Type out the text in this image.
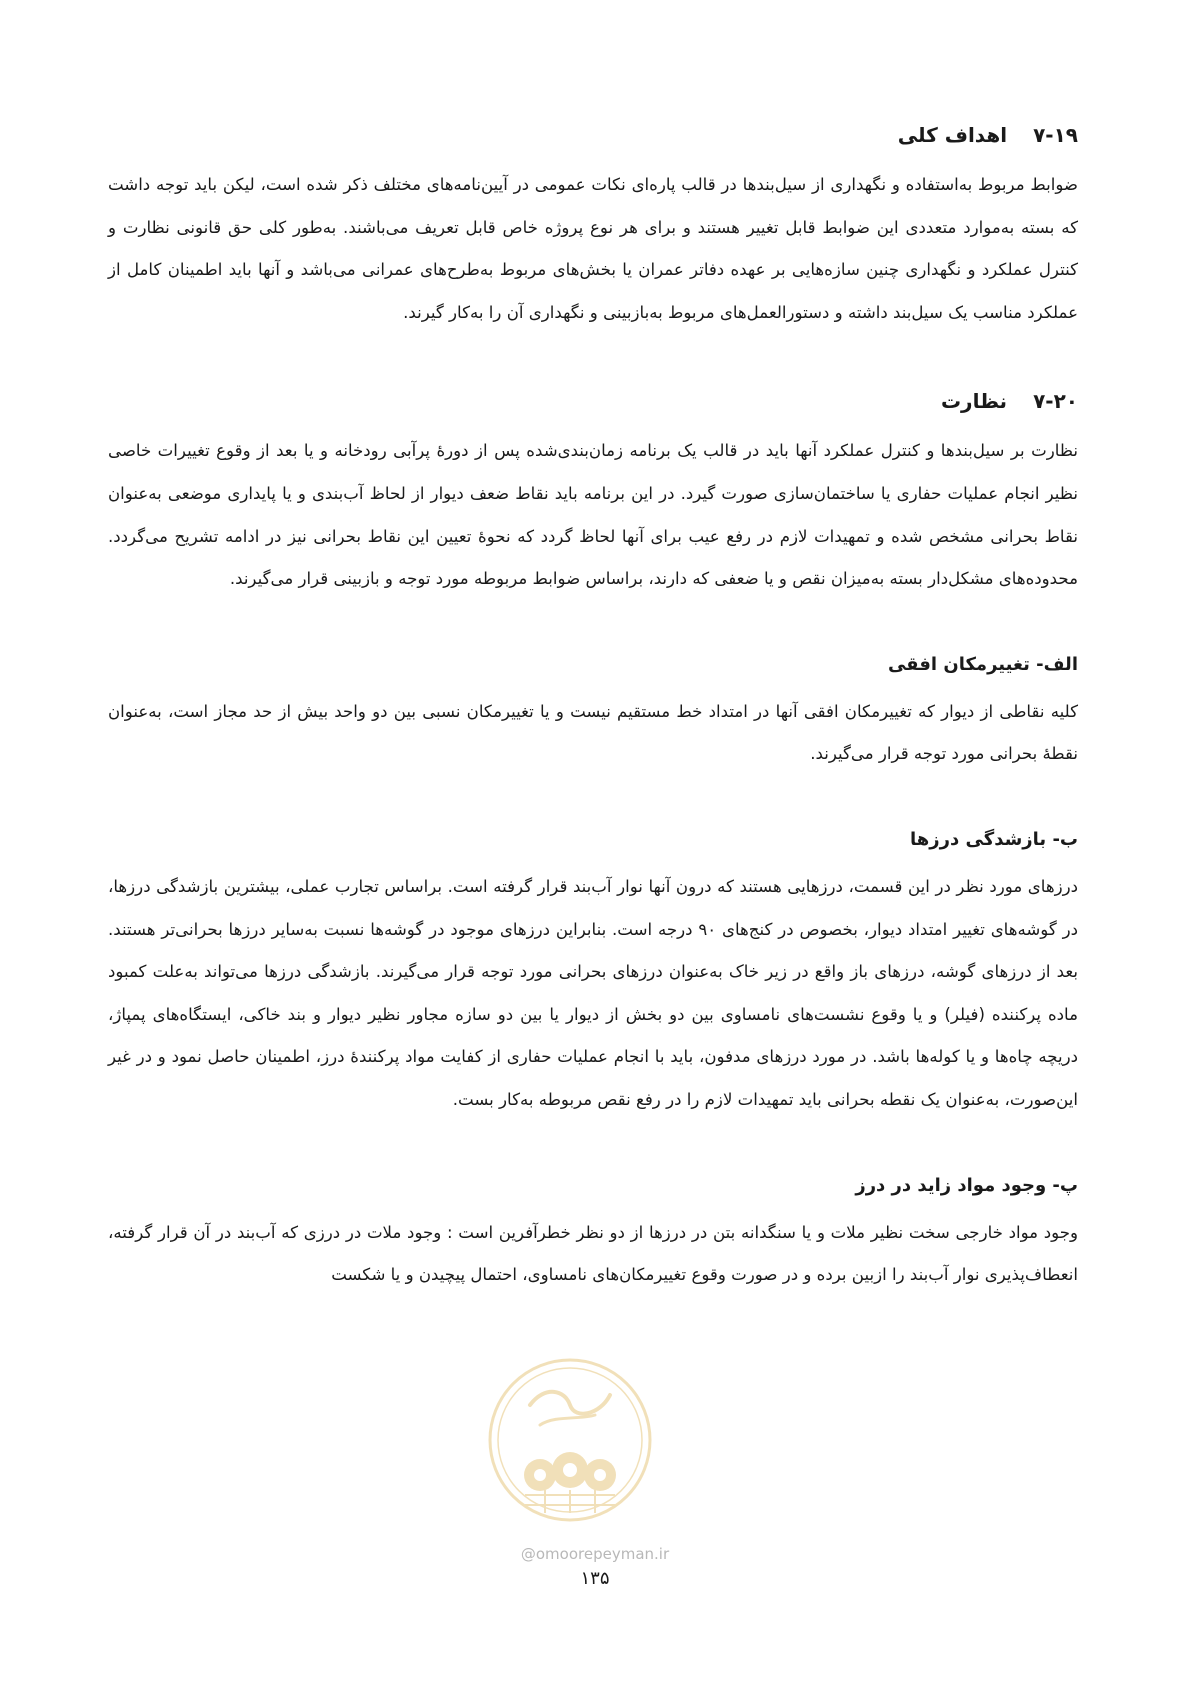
۷-۱۹
اهداف کلی

ضوابط مربوط به‌استفاده و نگهداری از سیل‌بندها در قالب پاره‌ای نکات عمومی در آیین‌نامه‌های مختلف ذکر شده است، لیکن باید توجه داشت که بسته به‌موارد متعددی این ضوابط قابل تغییر هستند و برای هر نوع پروژه خاص قابل تعریف می‌باشند. به‌طور کلی حق قانونی نظارت و کنترل عملکرد و نگهداری چنین سازه‌هایی بر عهده دفاتر عمران یا بخش‌های مربوط به‌طرح‌های عمرانی می‌باشد و آنها باید اطمینان کامل از عملکرد مناسب یک سیل‌بند داشته و دستورالعمل‌های مربوط به‌بازبینی و نگهداری آن را به‌کار گیرند.

۷-۲۰
نظارت

نظارت بر سیل‌بندها و کنترل عملکرد آنها باید در قالب یک برنامه زمان‌بندی‌شده پس از دورهٔ پرآبی رودخانه و یا بعد از وقوع تغییرات خاصی نظیر انجام عملیات حفاری یا ساختمان‌سازی صورت گیرد. در این برنامه باید نقاط ضعف دیوار از لحاظ آب‌بندی و یا پایداری موضعی به‌عنوان نقاط بحرانی مشخص شده و تمهیدات لازم در رفع عیب برای آنها لحاظ گردد که نحوهٔ تعیین این نقاط بحرانی نیز در ادامه تشریح می‌گردد. محدوده‌های مشکل‌دار بسته به‌میزان نقص و یا ضعفی که دارند، براساس ضوابط مربوطه مورد توجه و بازبینی قرار می‌گیرند.

الف- تغییرمکان افقی

کلیه نقاطی از دیوار که تغییرمکان افقی آنها در امتداد خط مستقیم نیست و یا تغییرمکان نسبی بین دو واحد بیش از حد مجاز است، به‌عنوان نقطهٔ بحرانی مورد توجه قرار می‌گیرند.

ب- بازشدگی درزها

درزهای مورد نظر در این قسمت، درزهایی هستند که درون آنها نوار آب‌بند قرار گرفته است. براساس تجارب عملی، بیشترین بازشدگی درزها، در گوشه‌های تغییر امتداد دیوار، بخصوص در کنج‌های ۹۰ درجه است. بنابراین درزهای موجود در گوشه‌ها نسبت به‌سایر درزها بحرانی‌تر هستند. بعد از درزهای گوشه، درزهای باز واقع در زیر خاک به‌عنوان درزهای بحرانی مورد توجه قرار می‌گیرند. بازشدگی درزها می‌تواند به‌علت کمبود ماده پرکننده (فیلر) و یا وقوع نشست‌های نامساوی بین دو بخش از دیوار یا بین دو سازه مجاور نظیر دیوار و بند خاکی، ایستگاه‌های پمپاژ، دریچه چاه‌ها و یا کوله‌ها باشد. در مورد درزهای مدفون، باید با انجام عملیات حفاری از کفایت مواد پرکنندهٔ درز، اطمینان حاصل نمود و در غیر این‌صورت، به‌عنوان یک نقطه بحرانی باید تمهیدات لازم را در رفع نقص مربوطه به‌کار بست.

پ- وجود مواد زاید در درز

وجود مواد خارجی سخت نظیر ملات و یا سنگدانه بتن در درزها از دو نظر خطرآفرین است : وجود ملات در درزی که آب‌بند در آن قرار گرفته، انعطاف‌پذیری نوار آب‌بند را ازبین برده و در صورت وقوع تغییرمکان‌های نامساوی، احتمال پیچیدن و یا شکست

@omoorepeyman.ir
۱۳۵
